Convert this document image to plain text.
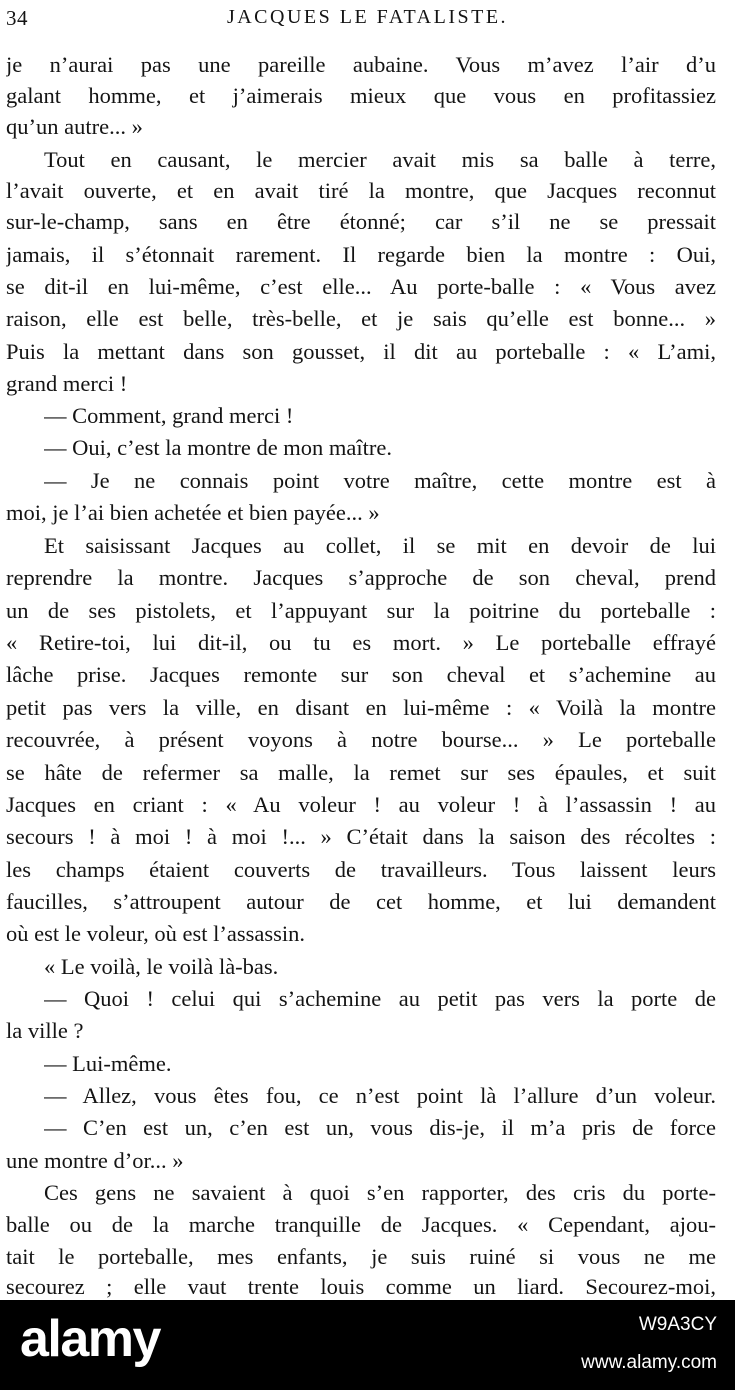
34	JACQUES LE FATALISTE.
je n’aurai pas une pareille aubaine. Vous m’avez l’air d’u
galant homme, et j’aimerais mieux que vous en profitassiez
qu’un autre... »
Tout en causant, le mercier avait mis sa balle à terre,
l’avait ouverte, et en avait tiré la montre, que Jacques reconnut
sur-le-champ, sans en être étonné; car s’il ne se pressait
jamais, il s’étonnait rarement. Il regarde bien la montre : Oui,
se dit-il en lui-même, c’est elle... Au porte-balle : « Vous avez
raison, elle est belle, très-belle, et je sais qu’elle est bonne... »
Puis la mettant dans son gousset, il dit au porteballe : « L’ami,
grand merci !
— Comment, grand merci !
— Oui, c’est la montre de mon maître.
— Je ne connais point votre maître, cette montre est à
moi, je l’ai bien achetée et bien payée... »
Et saisissant Jacques au collet, il se mit en devoir de lui
reprendre la montre. Jacques s’approche de son cheval, prend
un de ses pistolets, et l’appuyant sur la poitrine du porteballe :
« Retire-toi, lui dit-il, ou tu es mort. » Le porteballe effrayé
lâche prise. Jacques remonte sur son cheval et s’achemine au
petit pas vers la ville, en disant en lui-même : « Voilà la montre
recouvrée, à présent voyons à notre bourse... » Le porteballe
se hâte de refermer sa malle, la remet sur ses épaules, et suit
Jacques en criant : « Au voleur ! au voleur ! à l’assassin ! au
secours ! à moi ! à moi !... » C’était dans la saison des récoltes :
les champs étaient couverts de travailleurs. Tous laissent leurs
faucilles, s’attroupent autour de cet homme, et lui demandent
où est le voleur, où est l’assassin.
« Le voilà, le voilà là-bas.
— Quoi ! celui qui s’achemine au petit pas vers la porte de
la ville ?
— Lui-même.
— Allez, vous êtes fou, ce n’est point là l’allure d’un voleur.
— C’en est un, c’en est un, vous dis-je, il m’a pris de force
une montre d’or... »
Ces gens ne savaient à quoi s’en rapporter, des cris du porte-
balle ou de la marche tranquille de Jacques. « Cependant, ajou-
tait le porteballe, mes enfants, je suis ruiné si vous ne me
secourez ; elle vaut trente louis comme un liard. Secourez-moi,
alamy	W9A3CY
www.alamy.com
